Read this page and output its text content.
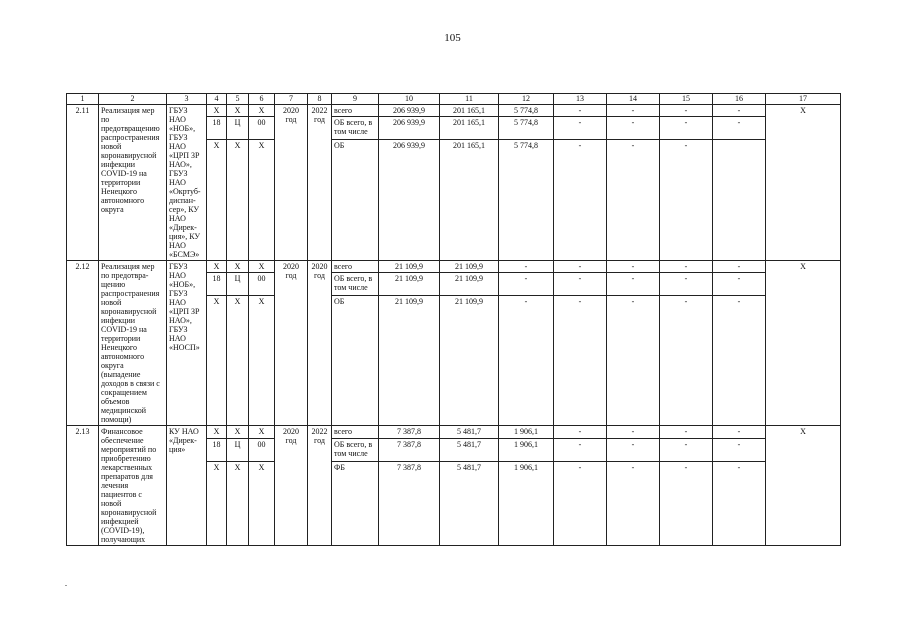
105
1	2	3	4	5	6	7	8	9	10	11	12	13	14	15	16	17
2.11	Реализация мер по предотвращению распространения новой коронавирусной инфекции COVID-19 на территории Ненецкого автономного округа	ГБУЗ НАО «НОБ», ГБУЗ НАО «ЦРП ЗР НАО», ГБУЗ НАО «Окртуб-диспан-сер», КУ НАО «Дирек-ция», КУ НАО «БСМЭ»	X	X	X	2020 год	2022 год	всего	206 939,9	201 165,1	5 774,8	-	-	-	-	X
			18	Ц	00			ОБ всего, в том числе	206 939,9	201 165,1	5 774,8	-	-	-	-	
			X	X	X			ОБ	206 939,9	201 165,1	5 774,8	-	-	-		
2.12	Реализация мер по предотвра-щению распространения новой коронавирусной инфекции COVID-19 на территории Ненецкого автономного округа (выпадение доходов в связи с сокращением объемов медицинской помощи)	ГБУЗ НАО «НОБ», ГБУЗ НАО «ЦРП ЗР НАО», ГБУЗ НАО «НОСП»	X	X	X	2020 год	2020 год	всего	21 109,9	21 109,9	-	-	-	-	-	X
			18	Ц	00			ОБ всего, в том числе	21 109,9	21 109,9	-	-	-	-	-	
			X	X	X			ОБ	21 109,9	21 109,9	-	-	-	-	-	
2.13	Финансовое обеспечение мероприятий по приобретению лекарственных препаратов для лечения пациентов с новой коронавирусной инфекцией (COVID-19), получающих	КУ НАО «Дирек-ция»	X	X	X	2020 год	2022 год	всего	7 387,8	5 481,7	1 906,1	-	-	-	-	X
			18	Ц	00			ОБ всего, в том числе	7 387,8	5 481,7	1 906,1	-	-	-	-	
			X	X	X			ФБ	7 387,8	5 481,7	1 906,1	-	-	-	-	
